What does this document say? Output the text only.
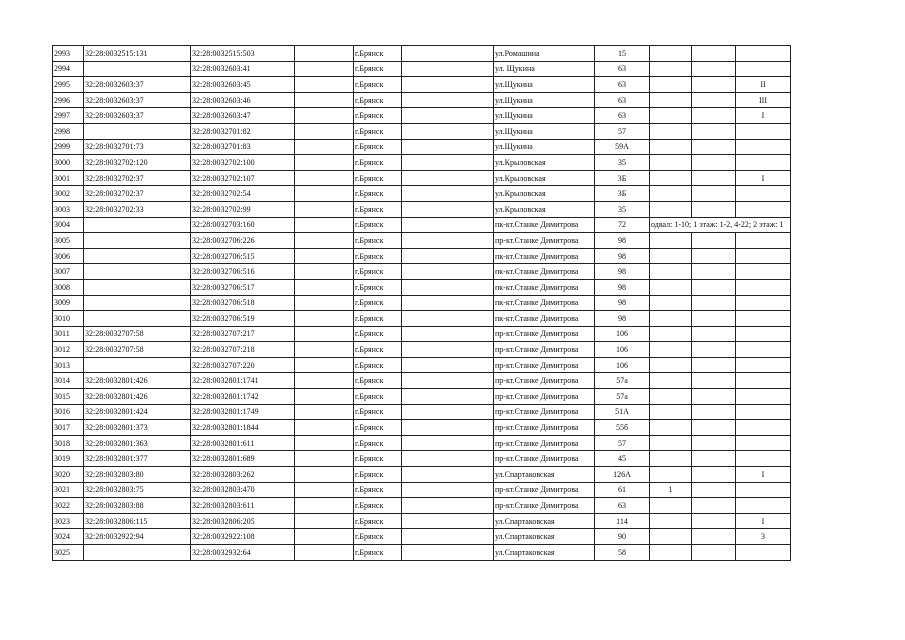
2993	32:28:0032515:131	32:28:0032515:503		г.Брянск		ул.Ромашина	15			
2994		32:28:0032603:41		г.Брянск		ул. Щукина	63			
2995	32:28:0032603:37	32:28:0032603:45		г.Брянск		ул.Щукина	63			II
2996	32:28:0032603:37	32:28:0032603:46		г.Брянск		ул.Щукина	63			III
2997	32:28:0032603:37	32:28:0032603:47		г.Брянск		ул.Щукина	63			I
2998		32:28:0032701:82		г.Брянск		ул.Щукина	57			
2999	32:28:0032701:73	32:28:0032701:83		г.Брянск		ул.Щукина	59А			
3000	32:28:0032702:120	32:28:0032702:100		г.Брянск		ул.Крыловская	35			
3001	32:28:0032702:37	32:28:0032702:107		г.Брянск		ул.Крыловская	3Б			I
3002	32:28:0032702:37	32:28:0032702:54		г.Брянск		ул.Крыловская	3Б			
3003	32:28:0032702:33	32:28:0032702:99		г.Брянск		ул.Крыловская	35			
3004		32:28:0032703:160		г.Брянск		пк-кт.Станке Димитрова	72	одвал: 1-10; 1 этаж: 1-2, 4-22; 2 этаж: 1		
3005		32:28:0032706:226		г.Брянск		пр-кт.Станке Димитрова	98			
3006		32:28:0032706:515		г.Брянск		пк-кт.Станке Димитрова	98			
3007		32:28:0032706:516		г.Брянск		пк-кт.Станке Димитрова	98			
3008		32:28:0032706:517		г.Брянск		пк-кт.Станке Димитрова	98			
3009		32:28:0032706:518		г.Брянск		пк-кт.Станке Димитрова	98			
3010		32:28:0032706:519		г.Брянск		пк-кт.Станке Димитрова	98			
3011	32:28:0032707:58	32:28:0032707:217		г.Брянск		пр-кт.Станке Димитрова	106			
3012	32:28:0032707:58	32:28:0032707:218		г.Брянск		пр-кт.Станке Димитрова	106			
3013		32:28:0032707:220		г.Брянск		пр-кт.Станке Димитрова	106			
3014	32:28:0032801:426	32:28:0032801:1741		г.Брянск		пр-кт.Станке Димитрова	57а			
3015	32:28:0032801:426	32:28:0032801:1742		г.Брянск		пр-кт.Станке Димитрова	57а			
3016	32:28:0032801:424	32:28:0032801:1749		г.Брянск		пр-кт.Станке Димитрова	51А			
3017	32:28:0032801:373	32:28:0032801:1844		г.Брянск		пр-кт.Станке Димитрова	55б			
3018	32:28:0032801:363	32:28:0032801:611		г.Брянск		пр-кт.Станке Димитрова	57			
3019	32:28:0032801:377	32:28:0032801:689		г.Брянск		пр-кт.Станке Димитрова	45			
3020	32:28:0032803:80	32:28:0032803:262		г.Брянск		ул.Спартаковская	126А			I
3021	32:28:0032803:75	32:28:0032803:470		г.Брянск		пр-кт.Станке Димитрова	61	1		
3022	32:28:0032803:88	32:28:0032803:611		г.Брянск		пр-кт.Станке Димитрова	63			
3023	32:28:0032806:115	32:28:0032806:205		г.Брянск		ул.Спартаковская	114			I
3024	32:28:0032922:94	32:28:0032922:108		г.Брянск		ул.Спартаковская	90			3
3025		32:28:0032932:64		г.Брянск		ул.Спартаковская	58			
